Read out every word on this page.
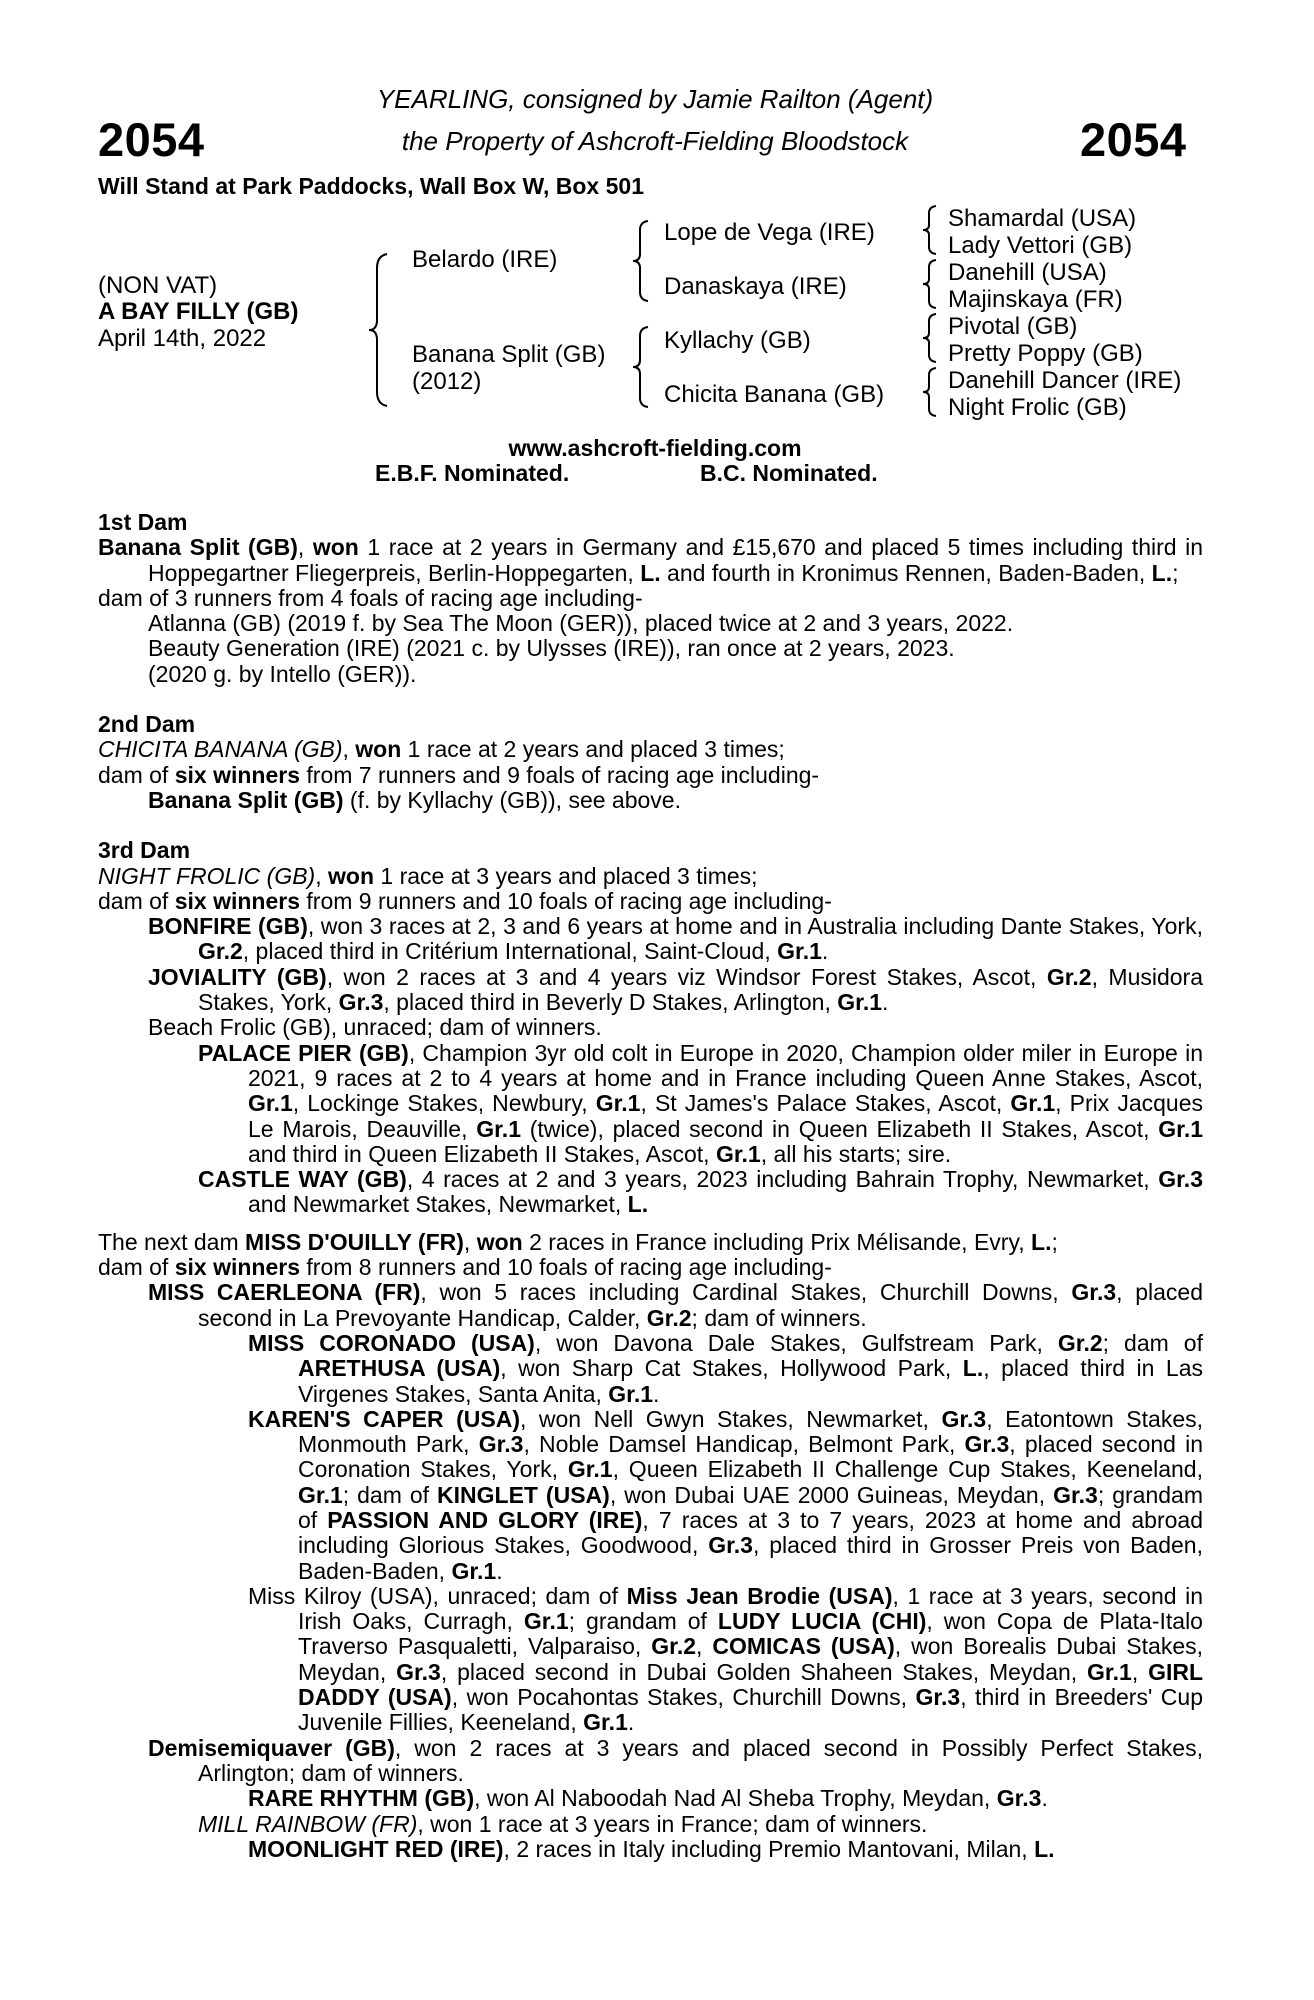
2054	2054
YEARLING, consigned by Jamie Railton (Agent)
the Property of Ashcroft-Fielding Bloodstock
Will Stand at Park Paddocks, Wall Box W, Box 501
(NON VAT)
A BAY FILLY (GB)
April 14th, 2022
Belardo (IRE)
Banana Split (GB)
(2012)
Lope de Vega (IRE)
Danaskaya (IRE)
Kyllachy (GB)
Chicita Banana (GB)
Shamardal (USA)
Lady Vettori (GB)
Danehill (USA)
Majinskaya (FR)
Pivotal (GB)
Pretty Poppy (GB)
Danehill Dancer (IRE)
Night Frolic (GB)
www.ashcroft-fielding.com
E.B.F. Nominated.	B.C. Nominated.

1st Dam

Banana Split (GB), won 1 race at 2 years in Germany and £15,670 and placed 5 times including third in Hoppegartner Fliegerpreis, Berlin-Hoppegarten, L. and fourth in Kronimus Rennen, Baden-Baden, L.;

dam of 3 runners from 4 foals of racing age including-

Atlanna (GB) (2019 f. by Sea The Moon (GER)), placed twice at 2 and 3 years, 2022.

Beauty Generation (IRE) (2021 c. by Ulysses (IRE)), ran once at 2 years, 2023.

(2020 g. by Intello (GER)).

2nd Dam

CHICITA BANANA (GB), won 1 race at 2 years and placed 3 times;

dam of six winners from 7 runners and 9 foals of racing age including-

Banana Split (GB) (f. by Kyllachy (GB)), see above.

3rd Dam

NIGHT FROLIC (GB), won 1 race at 3 years and placed 3 times;

dam of six winners from 9 runners and 10 foals of racing age including-

BONFIRE (GB), won 3 races at 2, 3 and 6 years at home and in Australia including Dante Stakes, York, Gr.2, placed third in Critérium International, Saint-Cloud, Gr.1.

JOVIALITY (GB), won 2 races at 3 and 4 years viz Windsor Forest Stakes, Ascot, Gr.2, Musidora Stakes, York, Gr.3, placed third in Beverly D Stakes, Arlington, Gr.1.

Beach Frolic (GB), unraced; dam of winners.

PALACE PIER (GB), Champion 3yr old colt in Europe in 2020, Champion older miler in Europe in 2021, 9 races at 2 to 4 years at home and in France including Queen Anne Stakes, Ascot, Gr.1, Lockinge Stakes, Newbury, Gr.1, St James's Palace Stakes, Ascot, Gr.1, Prix Jacques Le Marois, Deauville, Gr.1 (twice), placed second in Queen Elizabeth II Stakes, Ascot, Gr.1 and third in Queen Elizabeth II Stakes, Ascot, Gr.1, all his starts; sire.

CASTLE WAY (GB), 4 races at 2 and 3 years, 2023 including Bahrain Trophy, Newmarket, Gr.3 and Newmarket Stakes, Newmarket, L.

The next dam MISS D'OUILLY (FR), won 2 races in France including Prix Mélisande, Evry, L.;

dam of six winners from 8 runners and 10 foals of racing age including-

MISS CAERLEONA (FR), won 5 races including Cardinal Stakes, Churchill Downs, Gr.3, placed second in La Prevoyante Handicap, Calder, Gr.2; dam of winners.

MISS CORONADO (USA), won Davona Dale Stakes, Gulfstream Park, Gr.2; dam of ARETHUSA (USA), won Sharp Cat Stakes, Hollywood Park, L., placed third in Las Virgenes Stakes, Santa Anita, Gr.1.

KAREN'S CAPER (USA), won Nell Gwyn Stakes, Newmarket, Gr.3, Eatontown Stakes, Monmouth Park, Gr.3, Noble Damsel Handicap, Belmont Park, Gr.3, placed second in Coronation Stakes, York, Gr.1, Queen Elizabeth II Challenge Cup Stakes, Keeneland, Gr.1; dam of KINGLET (USA), won Dubai UAE 2000 Guineas, Meydan, Gr.3; grandam of PASSION AND GLORY (IRE), 7 races at 3 to 7 years, 2023 at home and abroad including Glorious Stakes, Goodwood, Gr.3, placed third in Grosser Preis von Baden, Baden-Baden, Gr.1.

Miss Kilroy (USA), unraced; dam of Miss Jean Brodie (USA), 1 race at 3 years, second in Irish Oaks, Curragh, Gr.1; grandam of LUDY LUCIA (CHI), won Copa de Plata-Italo Traverso Pasqualetti, Valparaiso, Gr.2, COMICAS (USA), won Borealis Dubai Stakes, Meydan, Gr.3, placed second in Dubai Golden Shaheen Stakes, Meydan, Gr.1, GIRL DADDY (USA), won Pocahontas Stakes, Churchill Downs, Gr.3, third in Breeders' Cup Juvenile Fillies, Keeneland, Gr.1.

Demisemiquaver (GB), won 2 races at 3 years and placed second in Possibly Perfect Stakes, Arlington; dam of winners.

RARE RHYTHM (GB), won Al Naboodah Nad Al Sheba Trophy, Meydan, Gr.3.

MILL RAINBOW (FR), won 1 race at 3 years in France; dam of winners.

MOONLIGHT RED (IRE), 2 races in Italy including Premio Mantovani, Milan, L.
